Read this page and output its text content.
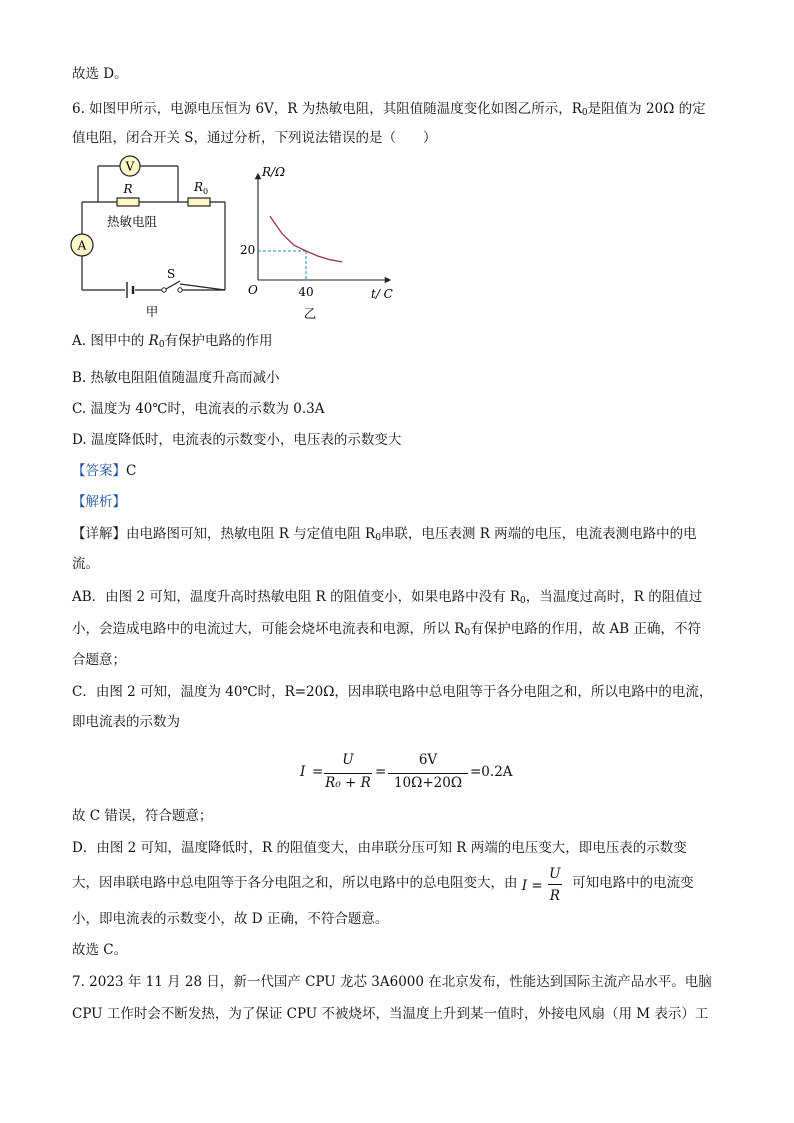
故选 D。
6. 如图甲所示，电源电压恒为 6V，R 为热敏电阻，其阻值随温度变化如图乙所示，$R_0$是阻值为 20Ω 的定
值电阻，闭合开关 S，通过分析，下列说法错误的是（　　）
V
A
R
热敏电阻
$R_0$
S
甲
R/Ω
t/ C
O
20
40
乙
A. 图甲中的 $R_0$有保护电路的作用
B. 热敏电阻阻值随温度升高而减小
C. 温度为 40℃时，电流表的示数为 0.3A
D. 温度降低时，电流表的示数变小，电压表的示数变大
【答案】C
【解析】
【详解】由电路图可知，热敏电阻 R 与定值电阻 $R_0$串联，电压表测 R 两端的电压，电流表测电路中的电
流。
AB．由图 2 可知，温度升高时热敏电阻 R 的阻值变小，如果电路中没有 $R_0$，当温度过高时，R 的阻值过
小，会造成电路中的电流过大，可能会烧坏电流表和电源，所以 $R_0$有保护电路的作用，故 AB 正确，不符
合题意；
C．由图 2 可知，温度为 40℃时，R=20Ω，因串联电路中总电阻等于各分电阻之和，所以电路中的电流，
即电流表的示数为
I =
U
R₀ + R
=
6V
10Ω+20Ω
=0.2A
故 C 错误，符合题意；
D．由图 2 可知，温度降低时，R 的阻值变大，由串联分压可知 R 两端的电压变大，即电压表的示数变
大，因串联电路中总电阻等于各分电阻之和，所以电路中的总电阻变大，由 I =
U
R
可知电路中的电流变
小，即电流表的示数变小，故 D 正确，不符合题意。
故选 C。
7. 2023 年 11 月 28 日，新一代国产 CPU 龙芯 3A6000 在北京发布，性能达到国际主流产品水平。电脑
CPU 工作时会不断发热，为了保证 CPU 不被烧坏，当温度上升到某一值时，外接电风扇（用 M 表示）工
